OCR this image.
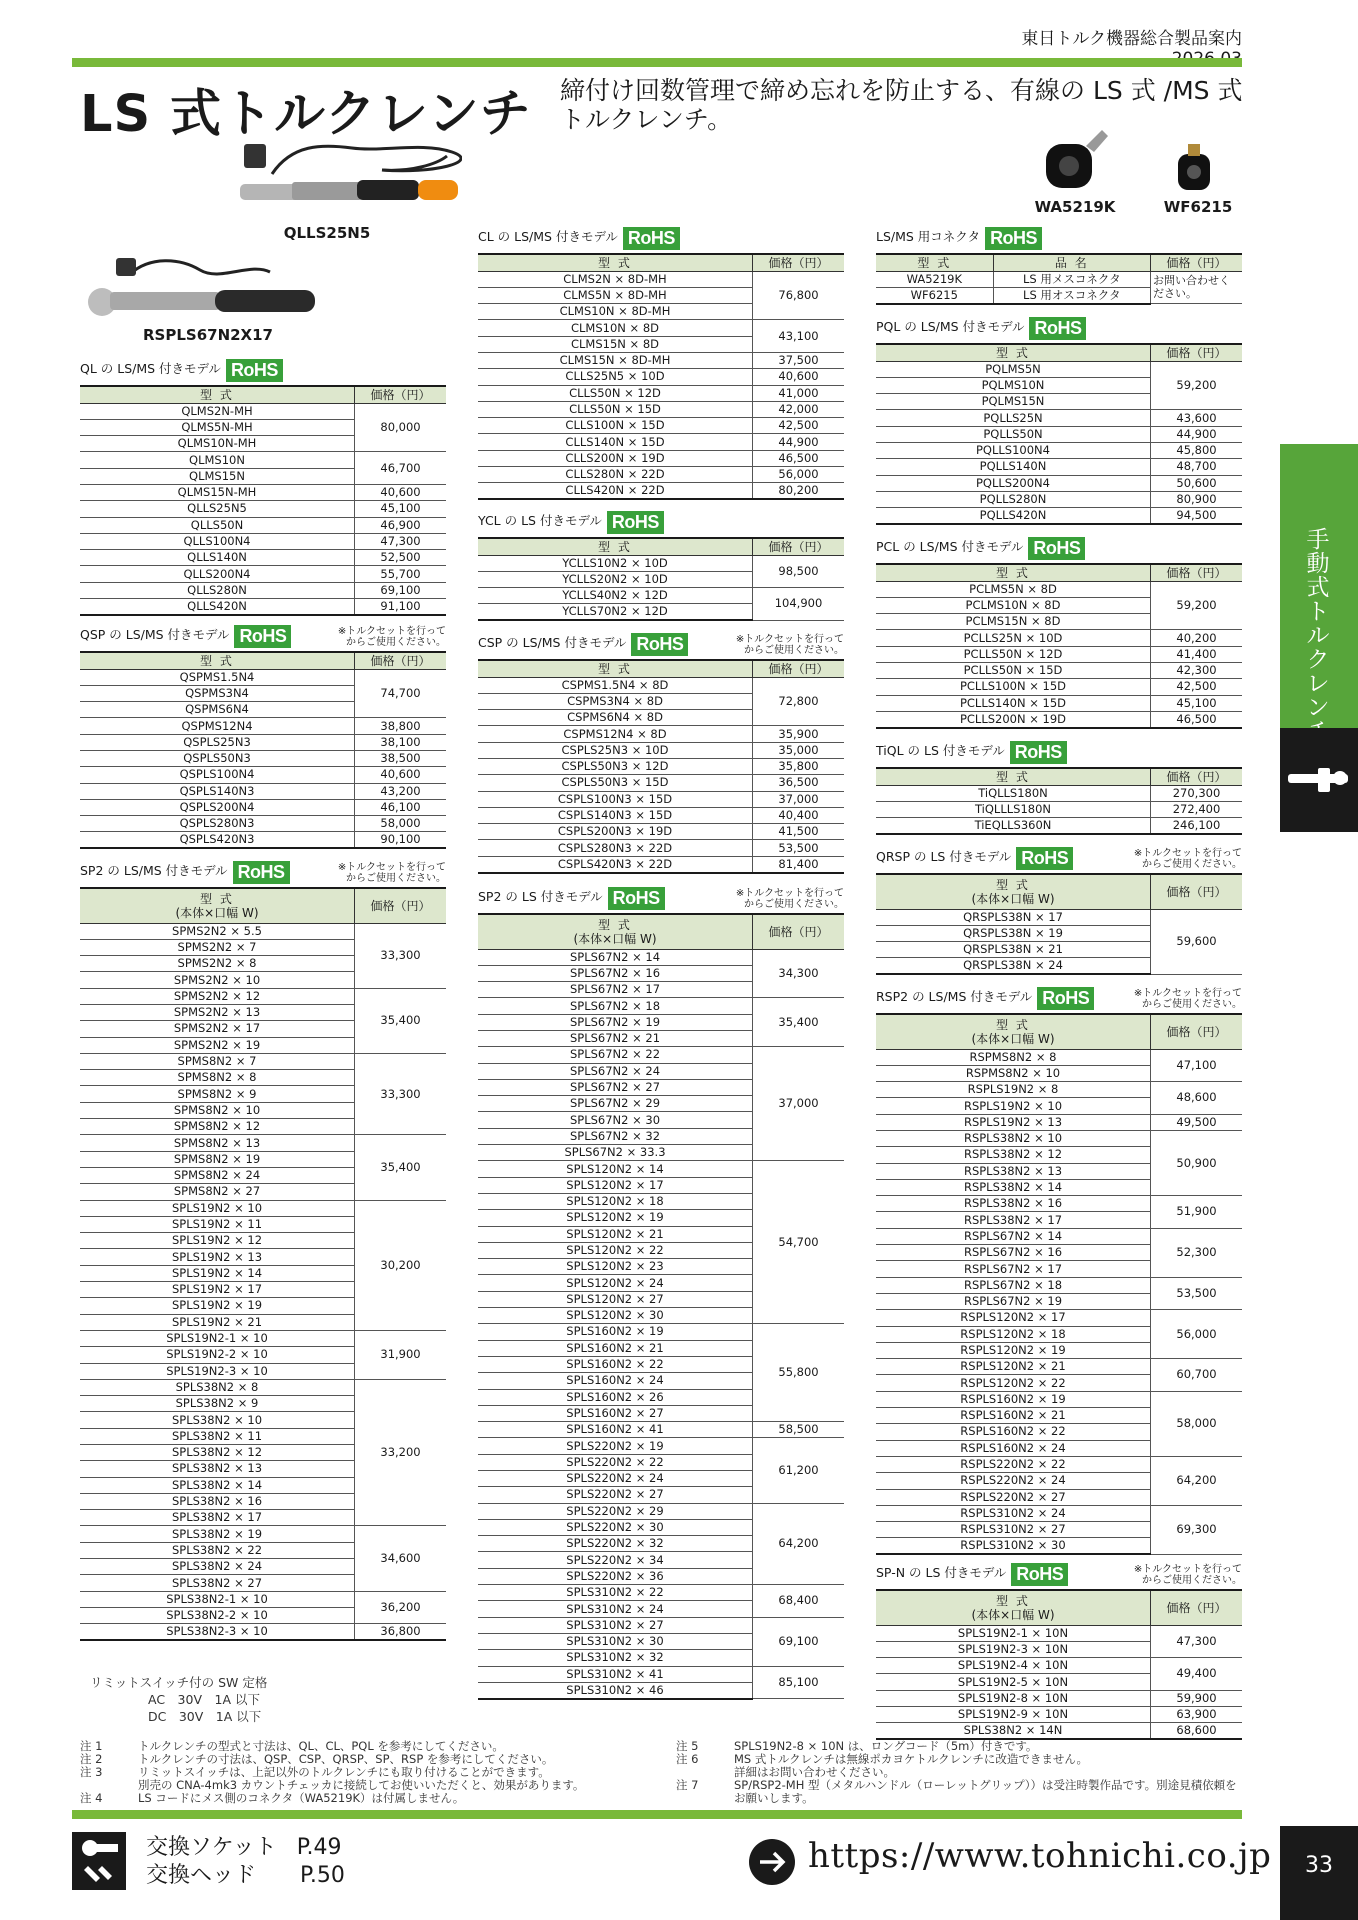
東日トルク機器総合製品案内
LS 式トルクレンチ 締付け回数管理で締め忘れを防止する、有線の LS 式 /MS 式トルクレンチ。
QLLS25N5
RSPLS67N2X17
WA5219K	WF6215
QL の LS/MS 付きモデル RoHS
型 式	価格（円）
QLMS2N-MH	80,000
QLMS5N-MH	
QLMS10N-MH	
QLMS10N	46,700
QLMS15N	
QLMS15N-MH	40,600
QLLS25N5	45,100
QLLS50N	46,900
QLLS100N4	47,300
QLLS140N	52,500
QLLS200N4	55,700
QLLS280N	69,100
QLLS420N	91,100
QSP の LS/MS 付きモデル RoHS	※トルクセットを行って
からご使用ください。
型 式	価格（円）
QSPMS1.5N4	74,700
QSPMS3N4	
QSPMS6N4	
QSPMS12N4	38,800
QSPLS25N3	38,100
QSPLS50N3	38,500
QSPLS100N4	40,600
QSPLS140N3	43,200
QSPLS200N4	46,100
QSPLS280N3	58,000
QSPLS420N3	90,100
SP2 の LS/MS 付きモデル RoHS	※トルクセットを行って
からご使用ください。
型 式
(本体×口幅 W)	価格（円）
SPMS2N2 × 5.5	33,300
SPMS2N2 × 7	
SPMS2N2 × 8	
SPMS2N2 × 10	
SPMS2N2 × 12	35,400
SPMS2N2 × 13	
SPMS2N2 × 17	
SPMS2N2 × 19	
SPMS8N2 × 7	33,300
SPMS8N2 × 8	
SPMS8N2 × 9	
SPMS8N2 × 10	
SPMS8N2 × 12	
SPMS8N2 × 13	35,400
SPMS8N2 × 19	
SPMS8N2 × 24	
SPMS8N2 × 27	
SPLS19N2 × 10	30,200
SPLS19N2 × 11	
SPLS19N2 × 12	
SPLS19N2 × 13	
SPLS19N2 × 14	
SPLS19N2 × 17	
SPLS19N2 × 19	
SPLS19N2 × 21	
SPLS19N2-1 × 10	31,900
SPLS19N2-2 × 10	
SPLS19N2-3 × 10	
SPLS38N2 × 8	33,200
SPLS38N2 × 9	
SPLS38N2 × 10	
SPLS38N2 × 11	
SPLS38N2 × 12	
SPLS38N2 × 13	
SPLS38N2 × 14	
SPLS38N2 × 16	
SPLS38N2 × 17	
SPLS38N2 × 19	34,600
SPLS38N2 × 22	
SPLS38N2 × 24	
SPLS38N2 × 27	
SPLS38N2-1 × 10	36,200
SPLS38N2-2 × 10	
SPLS38N2-3 × 10	36,800
CL の LS/MS 付きモデル RoHS
型 式	価格（円）
CLMS2N × 8D-MH	76,800
CLMS5N × 8D-MH	
CLMS10N × 8D-MH	
CLMS10N × 8D	43,100
CLMS15N × 8D	
CLMS15N × 8D-MH	37,500
CLLS25N5 × 10D	40,600
CLLS50N × 12D	41,000
CLLS50N × 15D	42,000
CLLS100N × 15D	42,500
CLLS140N × 15D	44,900
CLLS200N × 19D	46,500
CLLS280N × 22D	56,000
CLLS420N × 22D	80,200
YCL の LS 付きモデル RoHS
型 式	価格（円）
YCLLS10N2 × 10D	98,500
YCLLS20N2 × 10D	
YCLLS40N2 × 12D	104,900
YCLLS70N2 × 12D	
CSP の LS/MS 付きモデル RoHS	※トルクセットを行って
からご使用ください。
型 式	価格（円）
CSPMS1.5N4 × 8D	72,800
CSPMS3N4 × 8D	
CSPMS6N4 × 8D	
CSPMS12N4 × 8D	35,900
CSPLS25N3 × 10D	35,000
CSPLS50N3 × 12D	35,800
CSPLS50N3 × 15D	36,500
CSPLS100N3 × 15D	37,000
CSPLS140N3 × 15D	40,400
CSPLS200N3 × 19D	41,500
CSPLS280N3 × 22D	53,500
CSPLS420N3 × 22D	81,400
SP2 の LS 付きモデル RoHS	※トルクセットを行って
からご使用ください。
型 式
(本体×口幅 W)	価格（円）
SPLS67N2 × 14	34,300
SPLS67N2 × 16	
SPLS67N2 × 17	
SPLS67N2 × 18	35,400
SPLS67N2 × 19	
SPLS67N2 × 21	
SPLS67N2 × 22	37,000
SPLS67N2 × 24	
SPLS67N2 × 27	
SPLS67N2 × 29	
SPLS67N2 × 30	
SPLS67N2 × 32	
SPLS67N2 × 33.3	
SPLS120N2 × 14	54,700
SPLS120N2 × 17	
SPLS120N2 × 18	
SPLS120N2 × 19	
SPLS120N2 × 21	
SPLS120N2 × 22	
SPLS120N2 × 23	
SPLS120N2 × 24	
SPLS120N2 × 27	
SPLS120N2 × 30	
SPLS160N2 × 19	55,800
SPLS160N2 × 21	
SPLS160N2 × 22	
SPLS160N2 × 24	
SPLS160N2 × 26	
SPLS160N2 × 27	
SPLS160N2 × 41	58,500
SPLS220N2 × 19	61,200
SPLS220N2 × 22	
SPLS220N2 × 24	
SPLS220N2 × 27	
SPLS220N2 × 29	64,200
SPLS220N2 × 30	
SPLS220N2 × 32	
SPLS220N2 × 34	
SPLS220N2 × 36	
SPLS310N2 × 22	68,400
SPLS310N2 × 24	
SPLS310N2 × 27	69,100
SPLS310N2 × 30	
SPLS310N2 × 32	
SPLS310N2 × 41	85,100
SPLS310N2 × 46	
LS/MS 用コネクタ RoHS
型 式	品 名	価格（円）
WA5219K	LS 用メスコネクタ	お問い合わせください。
WF6215	LS 用オスコネクタ	
PQL の LS/MS 付きモデル RoHS
型 式	価格（円）
PQLMS5N	59,200
PQLMS10N	
PQLMS15N	
PQLLS25N	43,600
PQLLS50N	44,900
PQLLS100N4	45,800
PQLLS140N	48,700
PQLLS200N4	50,600
PQLLS280N	80,900
PQLLS420N	94,500
PCL の LS/MS 付きモデル RoHS
型 式	価格（円）
PCLMS5N × 8D	59,200
PCLMS10N × 8D	
PCLMS15N × 8D	
PCLLS25N × 10D	40,200
PCLLS50N × 12D	41,400
PCLLS50N × 15D	42,300
PCLLS100N × 15D	42,500
PCLLS140N × 15D	45,100
PCLLS200N × 19D	46,500
TiQL の LS 付きモデル RoHS
型 式	価格（円）
TiQLLS180N	270,300
TiQLLLS180N	272,400
TiEQLLS360N	246,100
QRSP の LS 付きモデル RoHS	※トルクセットを行って
からご使用ください。
型 式
(本体×口幅 W)	価格（円）
QRSPLS38N × 17	59,600
QRSPLS38N × 19	
QRSPLS38N × 21	
QRSPLS38N × 24	
RSP2 の LS/MS 付きモデル RoHS	※トルクセットを行って
からご使用ください。
型 式
(本体×口幅 W)	価格（円）
RSPMS8N2 × 8	47,100
RSPMS8N2 × 10	
RSPLS19N2 × 8	48,600
RSPLS19N2 × 10	
RSPLS19N2 × 13	49,500
RSPLS38N2 × 10	50,900
RSPLS38N2 × 12	
RSPLS38N2 × 13	
RSPLS38N2 × 14	
RSPLS38N2 × 16	51,900
RSPLS38N2 × 17	
RSPLS67N2 × 14	52,300
RSPLS67N2 × 16	
RSPLS67N2 × 17	
RSPLS67N2 × 18	53,500
RSPLS67N2 × 19	
RSPLS120N2 × 17	56,000
RSPLS120N2 × 18	
RSPLS120N2 × 19	
RSPLS120N2 × 21	60,700
RSPLS120N2 × 22	
RSPLS160N2 × 19	58,000
RSPLS160N2 × 21	
RSPLS160N2 × 22	
RSPLS160N2 × 24	
RSPLS220N2 × 22	64,200
RSPLS220N2 × 24	
RSPLS220N2 × 27	
RSPLS310N2 × 24	69,300
RSPLS310N2 × 27	
RSPLS310N2 × 30	
SP-N の LS 付きモデル RoHS	※トルクセットを行って
からご使用ください。
型 式
(本体×口幅 W)	価格（円）
SPLS19N2-1 × 10N	47,300
SPLS19N2-3 × 10N	
SPLS19N2-4 × 10N	49,400
SPLS19N2-5 × 10N	
SPLS19N2-8 × 10N	59,900
SPLS19N2-9 × 10N	63,900
SPLS38N2 × 14N	68,600
手動式トルクレン
リミットスイッチ付の SW 定格
AC　30V　1A 以下
DC　30V　1A 以下
注 1	トルクレンチの型式と寸法は、QL、CL、PQL を参考にしてください。
注 2	トルクレンチの寸法は、QSP、CSP、QRSP、SP、RSP を参考にしてください。
注 3	リミットスイッチは、上記以外のトルクレンチにも取り付けることができます。
別売の CNA-4mk3 カウントチェッカに接続してお使いいただくと、効果があります。
注 4	LS コードにメス側のコネクタ（WA5219K）は付属しません。
注 5	SPLS19N2-8 × 10N は、ロングコード（5m）付きです。
注 6	MS 式トルクレンチは無線ポカヨケトルクレンチに改造できません。
詳細はお問い合わせください。
注 7	SP/RSP2-MH 型（メタルハンドル（ローレットグリップ））は受注時製作品です。別途見積依頼をお願いします。
交換ソケット P.49
交換ヘッド P.50	https://www.tohnichi.co.jp	33
